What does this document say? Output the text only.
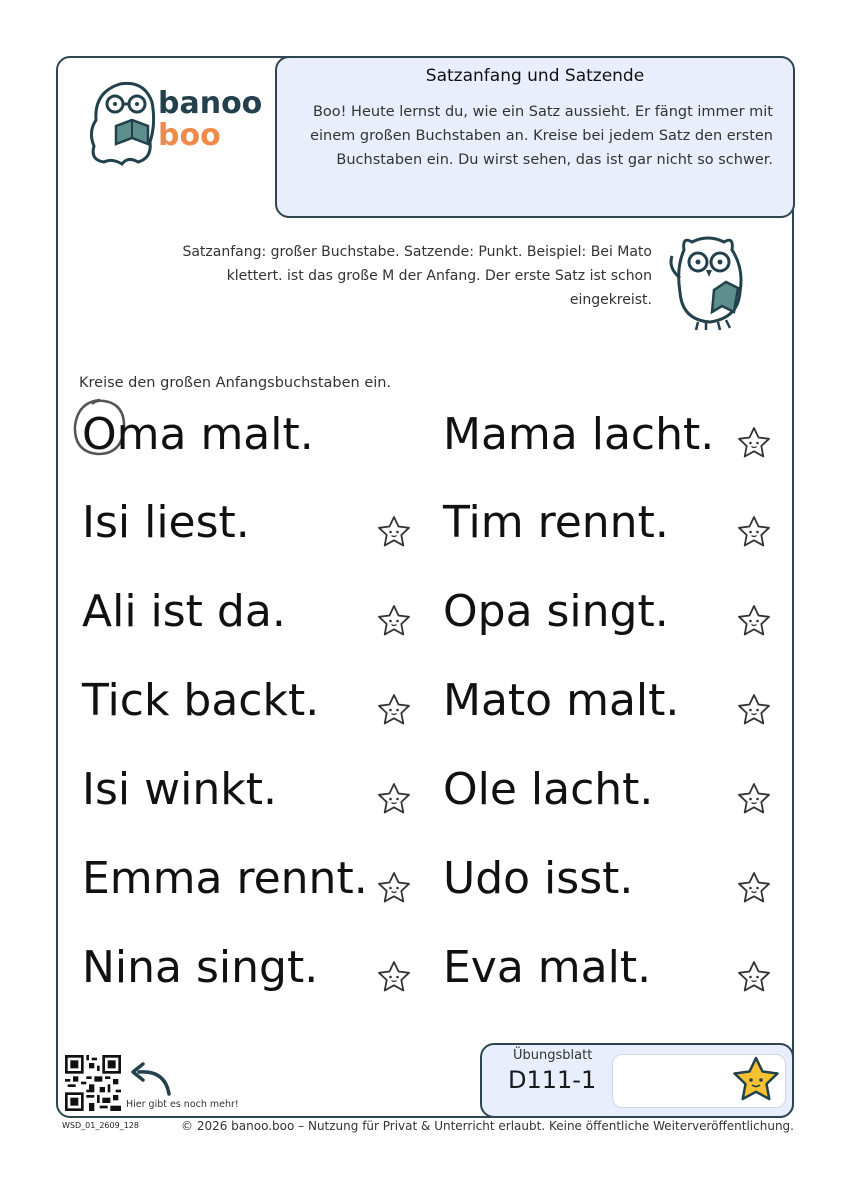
banoo
boo
Satzanfang und Satzende
Boo! Heute lernst du, wie ein Satz aussieht. Er fängt immer mit einem großen Buchstaben an. Kreise bei jedem Satz den ersten Buchstaben ein. Du wirst sehen, das ist gar nicht so schwer.
Satzanfang: großer Buchstabe. Satzende: Punkt. Beispiel: Bei Mato klettert. ist das große M der Anfang. Der erste Satz ist schon eingekreist.
Kreise den großen Anfangsbuchstaben ein.
Oma malt.
Isi liest.
Ali ist da.
Tick backt.
Isi winkt.
Emma rennt.
Nina singt.
Mama lacht.
Tim rennt.
Opa singt.
Mato malt.
Ole lacht.
Udo isst.
Eva malt.
Hier gibt es noch mehr!
Übungsblatt
D111-1
WSD_01_2609_128	© 2026 banoo.boo – Nutzung für Privat & Unterricht erlaubt. Keine öffentliche Weiterveröffentlichung.
